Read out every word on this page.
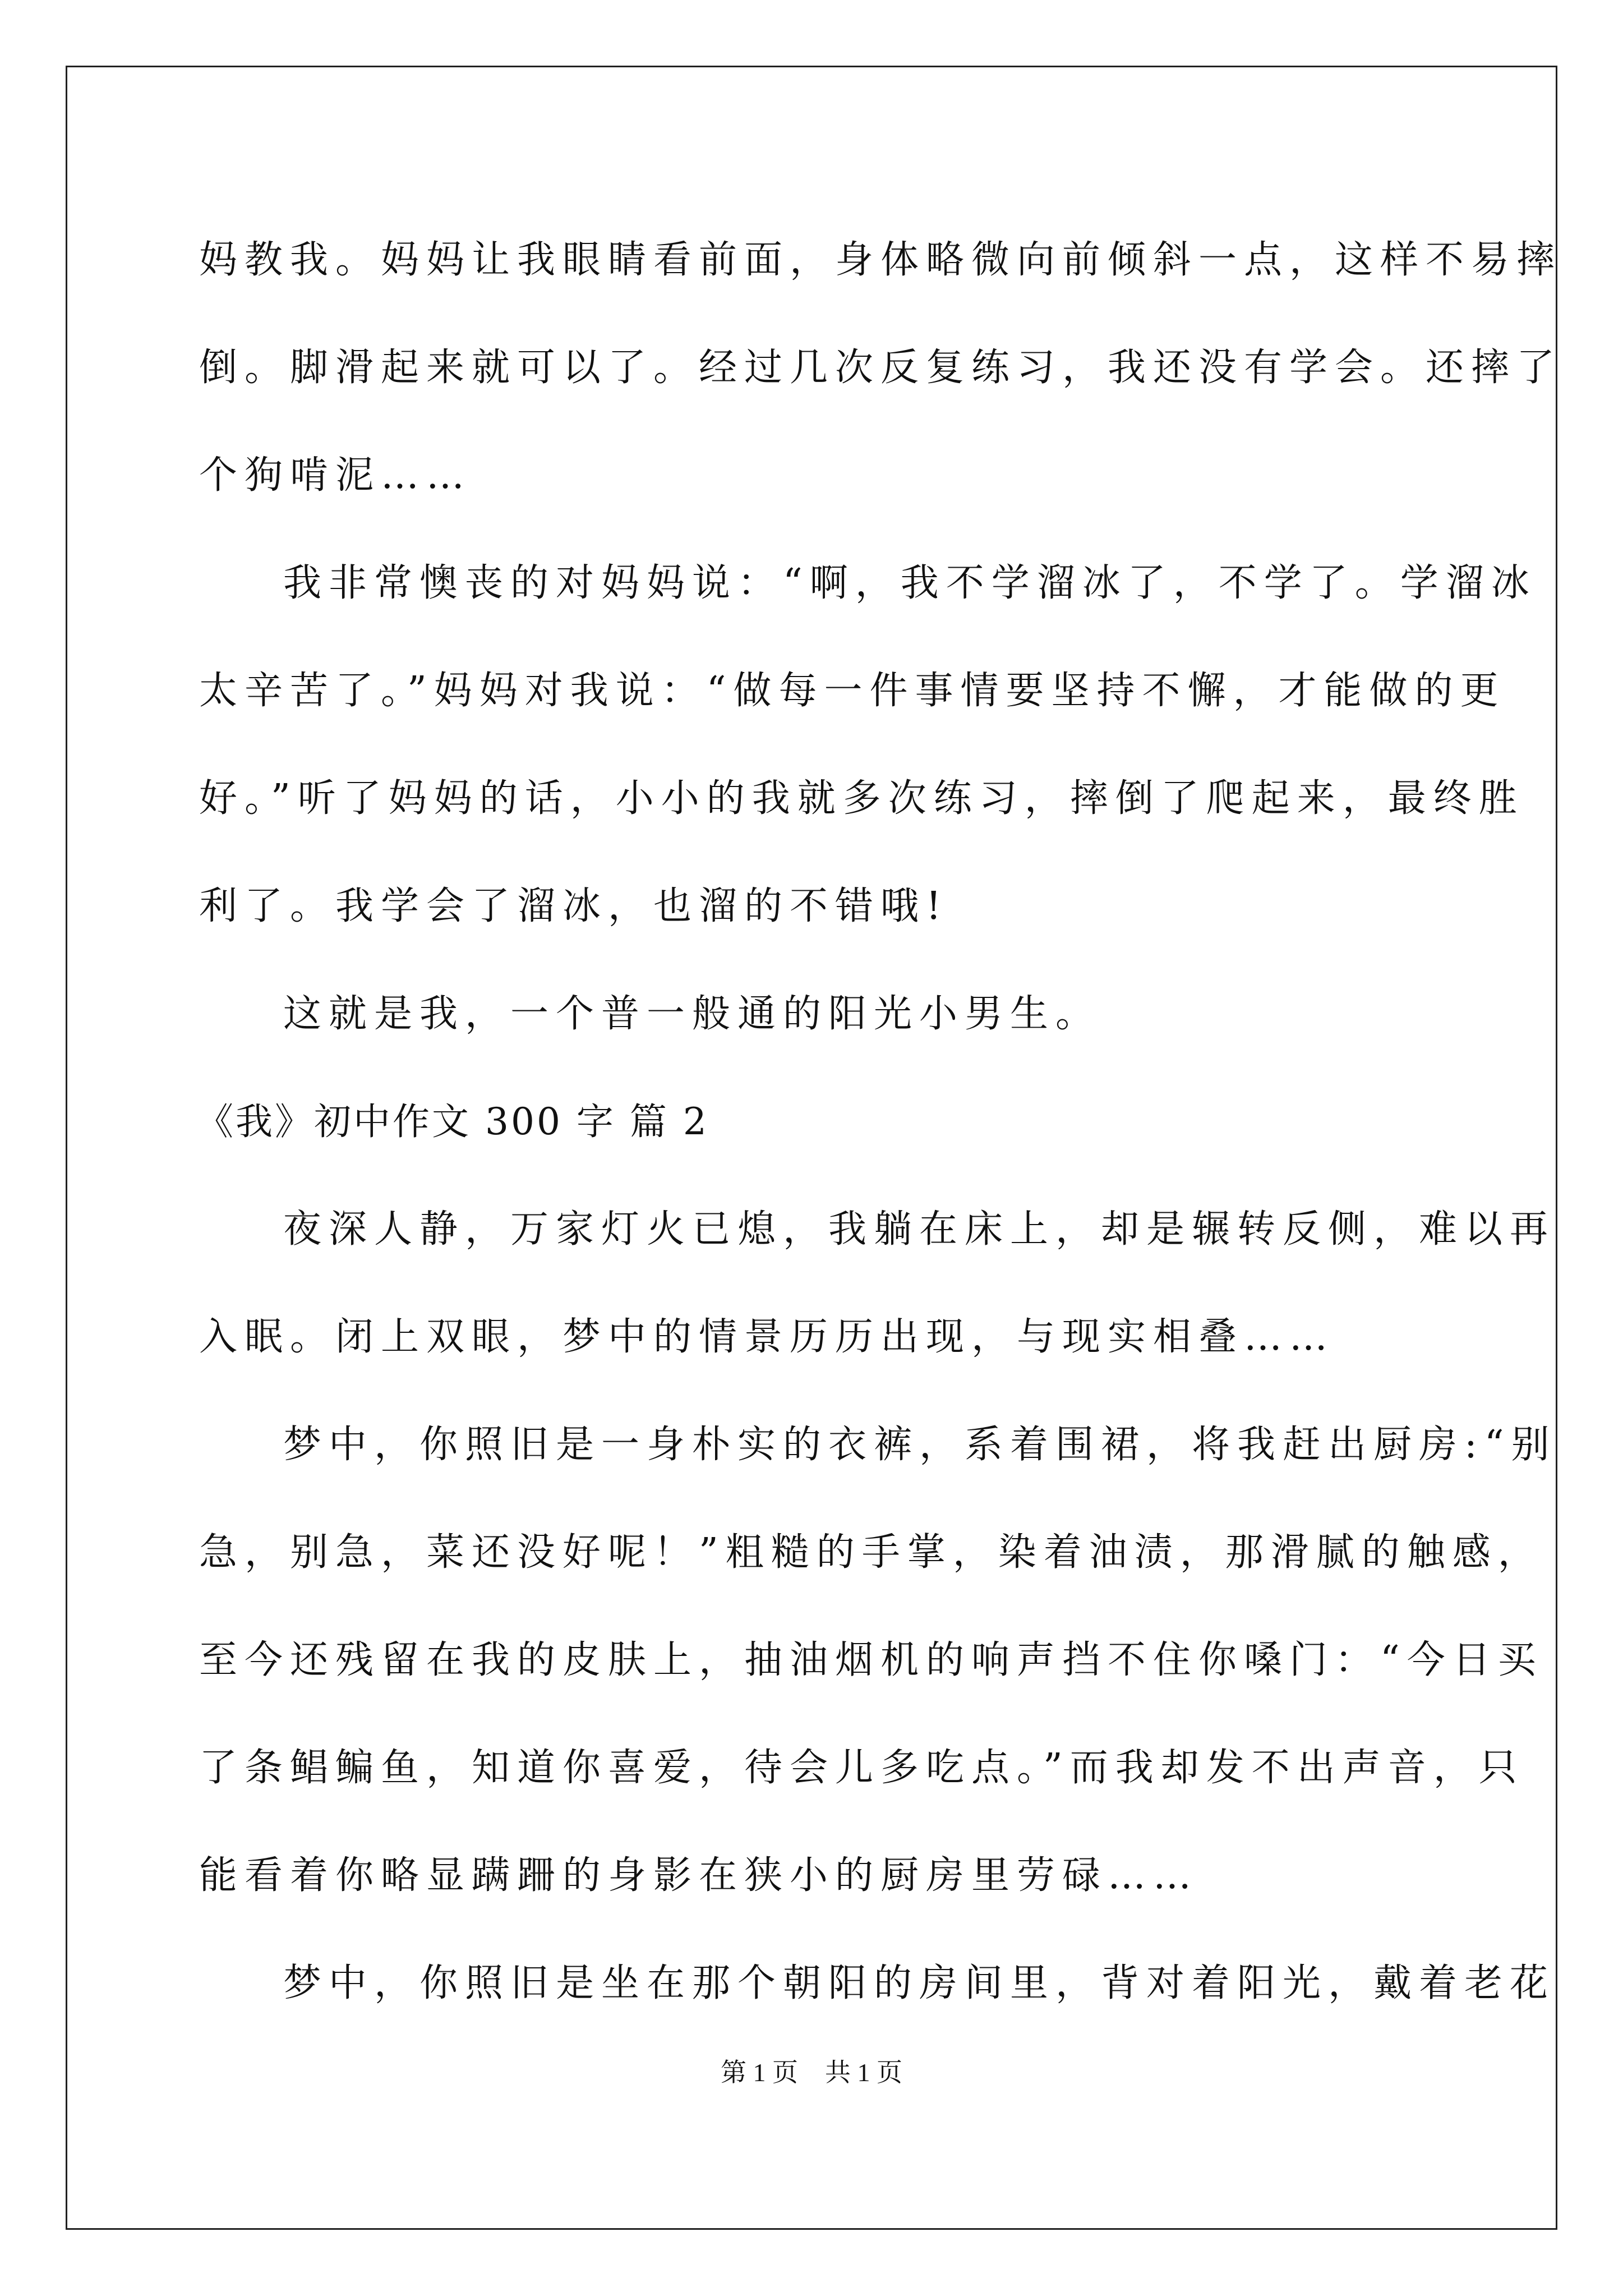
妈教我。妈妈让我眼睛看前面，身体略微向前倾斜一点，这样不易摔
倒。脚滑起来就可以了。经过几次反复练习，我还没有学会。还摔了
个狗啃泥……
我非常懊丧的对妈妈说：“啊，我不学溜冰了，不学了。学溜冰
太辛苦了。”妈妈对我说：“做每一件事情要坚持不懈，才能做的更
好。”听了妈妈的话，小小的我就多次练习，摔倒了爬起来，最终胜
利了。我学会了溜冰，也溜的不错哦!
这就是我，一个普一般通的阳光小男生。
《我》初中作文 300 字 篇 2
夜深人静，万家灯火已熄，我躺在床上，却是辗转反侧，难以再
入眠。闭上双眼，梦中的情景历历出现，与现实相叠……
梦中，你照旧是一身朴实的衣裤，系着围裙，将我赶出厨房:“别
急，别急，菜还没好呢！”粗糙的手掌，染着油渍，那滑腻的触感，
至今还残留在我的皮肤上，抽油烟机的响声挡不住你嗓门：“今日买
了条鲳鳊鱼，知道你喜爱，待会儿多吃点。”而我却发不出声音，只
能看着你略显蹒跚的身影在狭小的厨房里劳碌……
梦中，你照旧是坐在那个朝阳的房间里，背对着阳光，戴着老花
第 1 页 共 1 页
